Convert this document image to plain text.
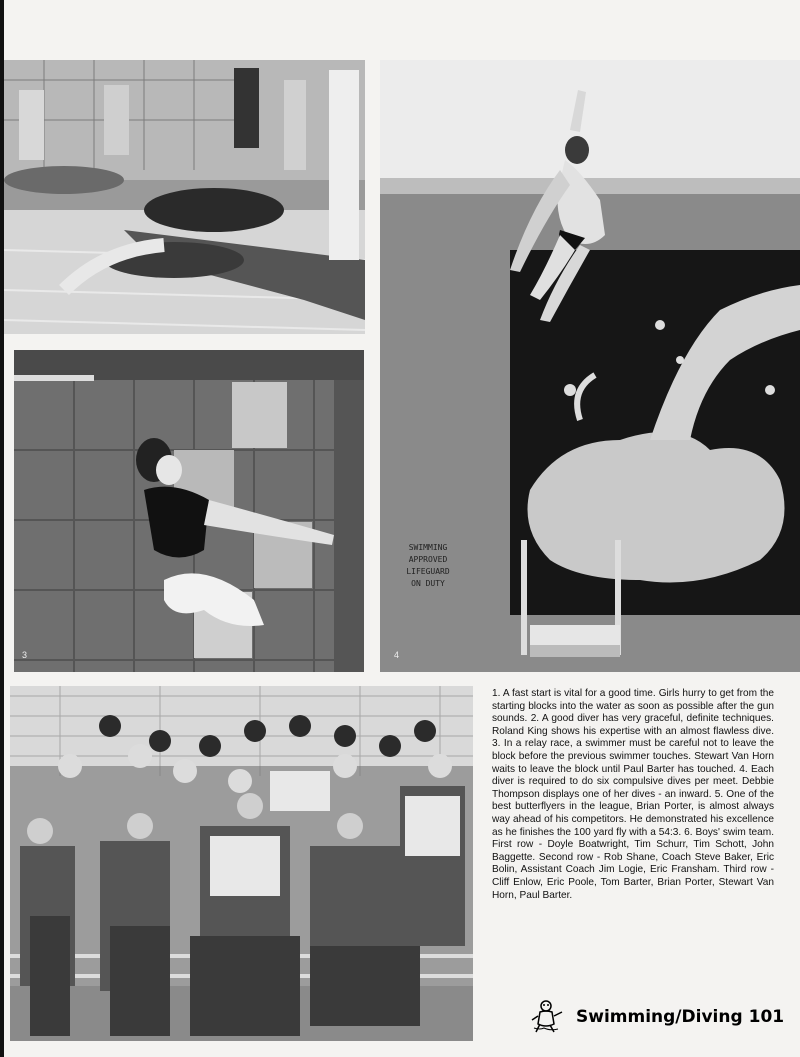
SWIMMING
APPROVED
LIFEGUARD
ON DUTY
4
3
1. A fast start is vital for a good time. Girls hurry to get from the starting blocks into the water as soon as possible after the gun sounds. 2. A good diver has very graceful, definite techniques. Roland King shows his expertise with an almost flawless dive. 3. In a relay race, a swimmer must be careful not to leave the block before the previous swimmer touches. Stewart Van Horn waits to leave the block until Paul Barter has touched. 4. Each diver is required to do six compulsive dives per meet. Debbie Thompson displays one of her dives - an inward. 5. One of the best butterflyers in the league, Brian Porter, is almost always way ahead of his competitors. He demonstrated his excellence as he finishes the 100 yard fly with a 54:3. 6. Boys' swim team. First row - Doyle Boatwright, Tim Schurr, Tim Schott, John Baggette. Second row - Rob Shane, Coach Steve Baker, Eric Bolin, Assistant Coach Jim Logie, Eric Fransham. Third row - Cliff Enlow, Eric Poole, Tom Barter, Brian Porter, Stewart Van Horn, Paul Barter.
Swimming/Diving 101
